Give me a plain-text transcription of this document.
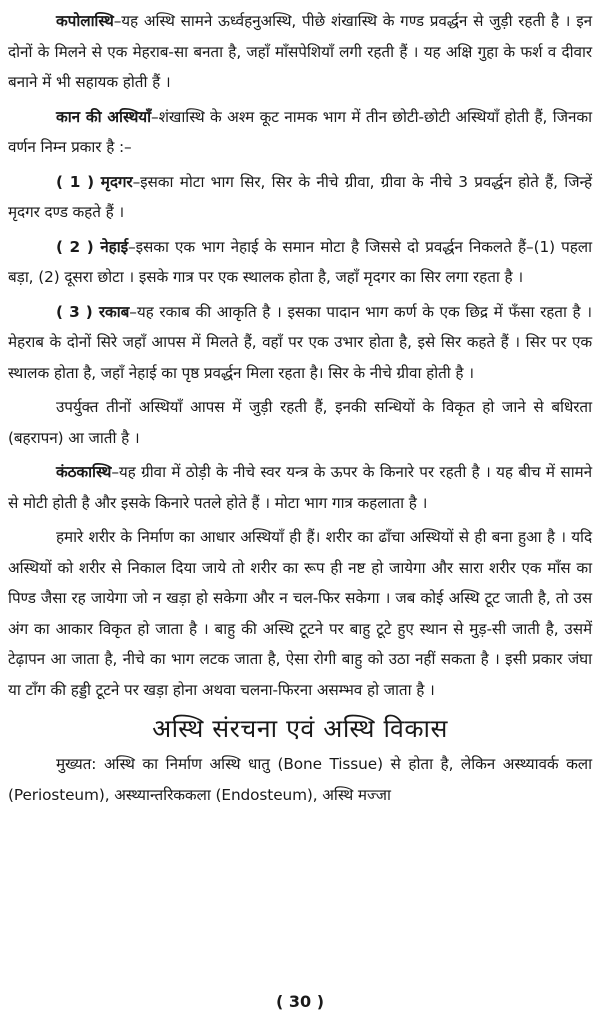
कपोलास्थि–यह अस्थि सामने ऊर्ध्वहनुअस्थि, पीछे शंखास्थि के गण्ड प्रवर्द्धन से जुड़ी रहती है । इन दोनों के मिलने से एक मेहराब-सा बनता है, जहाँ माँसपेशियाँ लगी रहती हैं । यह अक्षि गुहा के फर्श व दीवार बनाने में भी सहायक होती हैं ।

कान की अस्थियाँ–शंखास्थि के अश्म कूट नामक भाग में तीन छोटी-छोटी अस्थियाँ होती हैं, जिनका वर्णन निम्न प्रकार है :–

( 1 ) मृदगर–इसका मोटा भाग सिर, सिर के नीचे ग्रीवा, ग्रीवा के नीचे 3 प्रवर्द्धन होते हैं, जिन्हें मृदगर दण्ड कहते हैं ।

( 2 ) नेहाई–इसका एक भाग नेहाई के समान मोटा है जिससे दो प्रवर्द्धन निकलते हैं–(1) पहला बड़ा, (2) दूसरा छोटा । इसके गात्र पर एक स्थालक होता है, जहाँ मृदगर का सिर लगा रहता है ।

( 3 ) रकाब–यह रकाब की आकृति है । इसका पादान भाग कर्ण के एक छिद्र में फँसा रहता है । मेहराब के दोनों सिरे जहाँ आपस में मिलते हैं, वहाँ पर एक उभार होता है, इसे सिर कहते हैं । सिर पर एक स्थालक होता है, जहाँ नेहाई का पृष्ठ प्रवर्द्धन मिला रहता है। सिर के नीचे ग्रीवा होती है ।

उपर्युक्त तीनों अस्थियाँ आपस में जुड़ी रहती हैं, इनकी सन्धियों के विकृत हो जाने से बधिरता (बहरापन) आ जाती है ।

कंठकास्थि–यह ग्रीवा में ठोड़ी के नीचे स्वर यन्त्र के ऊपर के किनारे पर रहती है । यह बीच में सामने से मोटी होती है और इसके किनारे पतले होते हैं । मोटा भाग गात्र कहलाता है ।

हमारे शरीर के निर्माण का आधार अस्थियाँ ही हैं। शरीर का ढाँचा अस्थियों से ही बना हुआ है । यदि अस्थियों को शरीर से निकाल दिया जाये तो शरीर का रूप ही नष्ट हो जायेगा और सारा शरीर एक माँस का पिण्ड जैसा रह जायेगा जो न खड़ा हो सकेगा और न चल-फिर सकेगा । जब कोई अस्थि टूट जाती है, तो उस अंग का आकार विकृत हो जाता है । बाहु की अस्थि टूटने पर बाहु टूटे हुए स्थान से मुड़-सी जाती है, उसमें टेढ़ापन आ जाता है, नीचे का भाग लटक जाता है, ऐसा रोगी बाहु को उठा नहीं सकता है । इसी प्रकार जंघा या टाँग की हड्डी टूटने पर खड़ा होना अथवा चलना-फिरना असम्भव हो जाता है ।

अस्थि संरचना एवं अस्थि विकास

मुख्यत: अस्थि का निर्माण अस्थि धातु (Bone Tissue) से होता है, लेकिन अस्थ्यावर्क कला (Periosteum), अस्थ्यान्तरिककला (Endosteum), अस्थि मज्जा

( 30 )
